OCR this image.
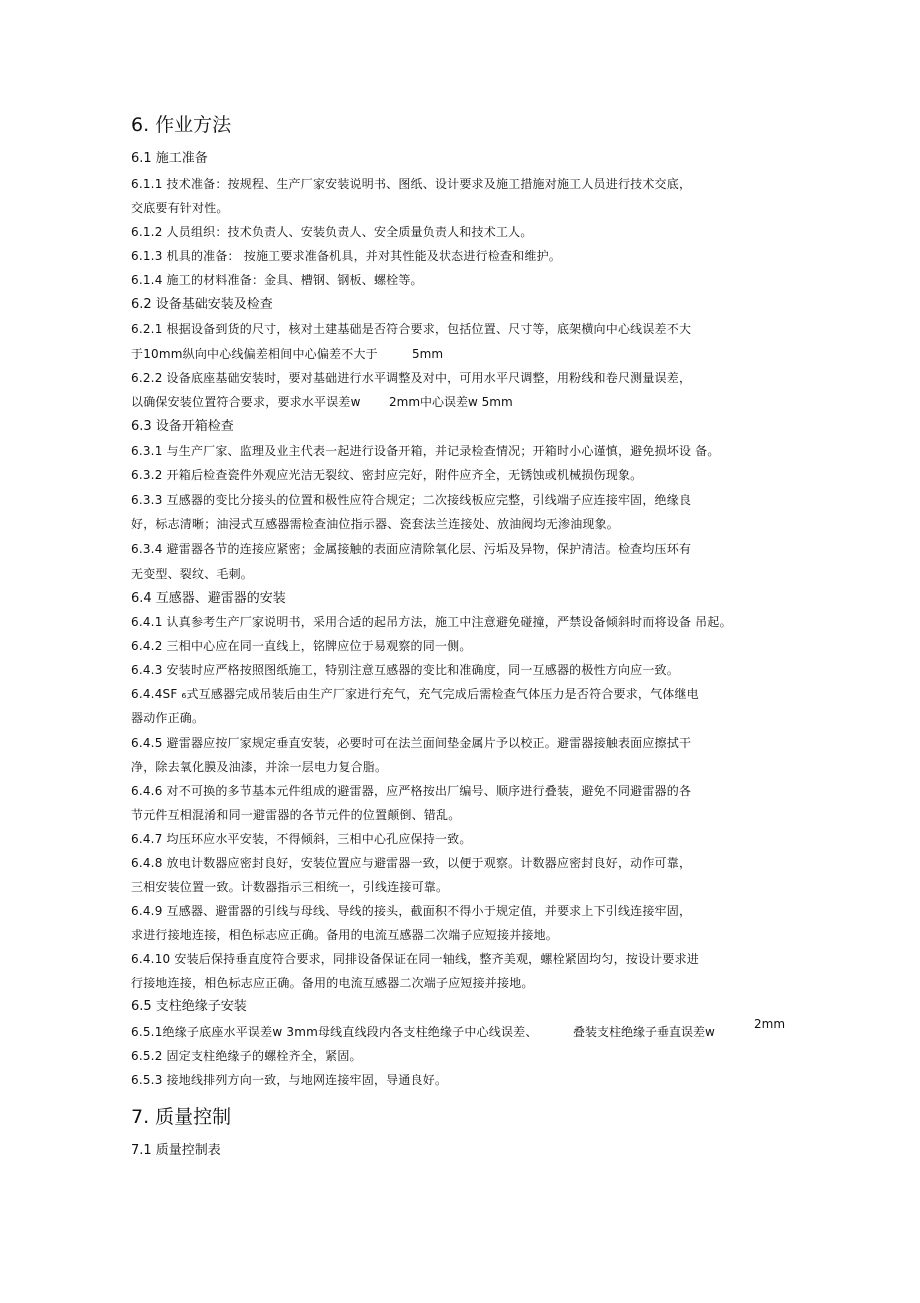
6. 作业方法
6.1 施工准备
6.1.1 技术准备：按规程、生产厂家安装说明书、图纸、设计要求及施工措施对施工人员进行技术交底，
交底要有针对性。
6.1.2 人员组织：技术负责人、安装负责人、安全质量负责人和技术工人。
6.1.3 机具的准备： 按施工要求准备机具，并对其性能及状态进行检查和维护。
6.1.4 施工的材料准备：金具、槽钢、钢板、螺栓等。
6.2 设备基础安装及检查
6.2.1 根据设备到货的尺寸，核对土建基础是否符合要求，包括位置、尺寸等，底架横向中心线误差不大
于10mm纵向中心线偏差相间中心偏差不大于	5mm
6.2.2 设备底座基础安装时，要对基础进行水平调整及对中，可用水平尺调整，用粉线和卷尺测量误差，
以确保安装位置符合要求，要求水平误差w 2mm中心误差w 5mm
6.3 设备开箱检查
6.3.1 与生产厂家、监理及业主代表一起进行设备开箱，并记录检查情况；开箱时小心谨慎，避免损坏设 备。
6.3.2 开箱后检查瓷件外观应光洁无裂纹、密封应完好，附件应齐全，无锈蚀或机械损伤现象。
6.3.3 互感器的变比分接头的位置和极性应符合规定；二次接线板应完整，引线端子应连接牢固，绝缘良
好，标志清晰；油浸式互感器需检查油位指示器、瓷套法兰连接处、放油阀均无渗油现象。
6.3.4 避雷器各节的连接应紧密；金属接触的表面应清除氧化层、污垢及异物，保护清洁。检查均压环有
无变型、裂纹、毛刺。
6.4 互感器、避雷器的安装
6.4.1 认真参考生产厂家说明书，采用合适的起吊方法，施工中注意避免碰撞，严禁设备倾斜时而将设备 吊起。
6.4.2 三相中心应在同一直线上，铭牌应位于易观察的同一侧。
6.4.3 安装时应严格按照图纸施工，特别注意互感器的变比和准确度，同一互感器的极性方向应一致。
6.4.4SF ₆式互感器完成吊装后由生产厂家进行充气，充气完成后需检查气体压力是否符合要求，气体继电
器动作正确。
6.4.5 避雷器应按厂家规定垂直安装，必要时可在法兰面间垫金属片予以校正。避雷器接触表面应擦拭干
净，除去氧化膜及油漆，并涂一层电力复合脂。
6.4.6 对不可换的多节基本元件组成的避雷器，应严格按出厂编号、顺序进行叠装，避免不同避雷器的各
节元件互相混淆和同一避雷器的各节元件的位置颠倒、错乱。
6.4.7 均压环应水平安装，不得倾斜，三相中心孔应保持一致。
6.4.8 放电计数器应密封良好，安装位置应与避雷器一致，以便于观察。计数器应密封良好，动作可靠，
三相安装位置一致。计数器指示三相统一，引线连接可靠。
6.4.9 互感器、避雷器的引线与母线、导线的接头，截面积不得小于规定值，并要求上下引线连接牢固，
求进行接地连接，相色标志应正确。备用的电流互感器二次端子应短接并接地。
6.4.10 安装后保持垂直度符合要求，同排设备保证在同一轴线，整齐美观，螺栓紧固均匀，按设计要求进
行接地连接，相色标志应正确。备用的电流互感器二次端子应短接并接地。
6.5 支柱绝缘子安装
6.5.1绝缘子底座水平误差w 3mm母线直线段内各支柱绝缘子中心线误差、	叠装支柱绝缘子垂直误差w
2mm
6.5.2 固定支柱绝缘子的螺栓齐全，紧固。
6.5.3 接地线排列方向一致，与地网连接牢固，导通良好。
7. 质量控制
7.1 质量控制表
